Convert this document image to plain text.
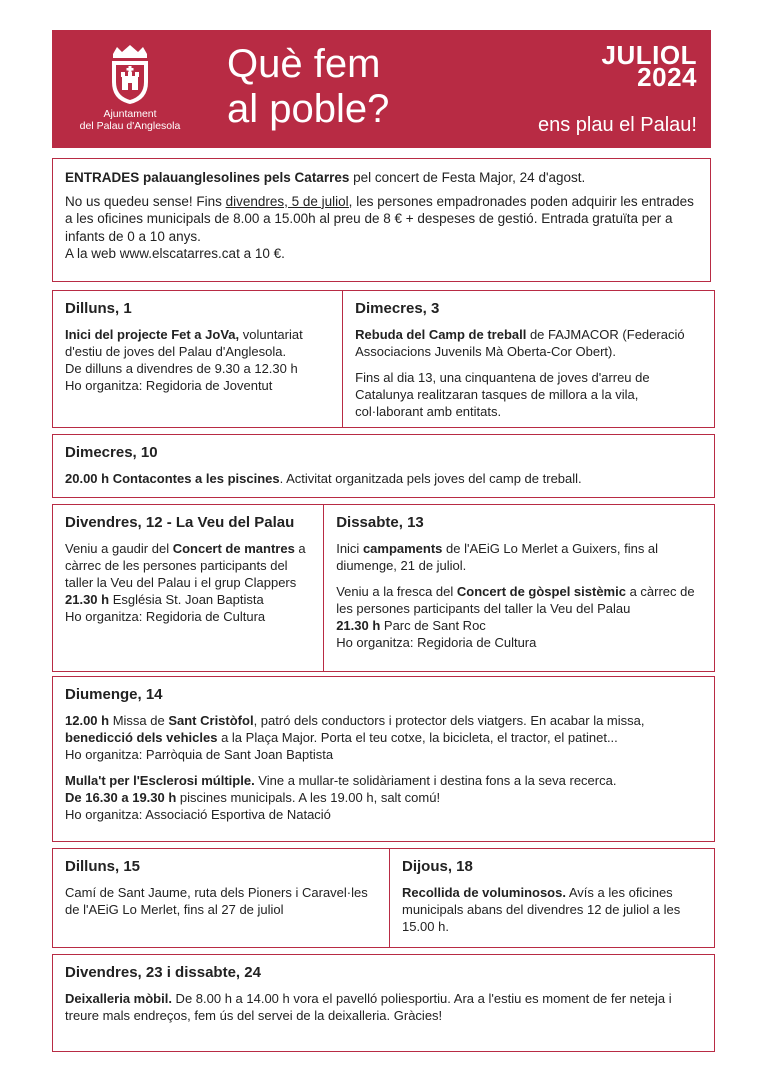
Ajuntament
del Palau d'Anglesola
Què fem
al poble?
JULIOL
2024
ens plau el Palau!

ENTRADES palauanglesolines pels Catarres pel concert de Festa Major, 24 d'agost.

No us quedeu sense! Fins divendres, 5 de juliol, les persones empadronades poden adquirir les entrades a les oficines municipals de 8.00 a 15.00h al preu de 8 € + despeses de gestió. Entrada gratuïta per a infants de 0 a 10 anys.

A la web www.elscatarres.cat a 10 €.

Dilluns, 1

Inici del projecte Fet a JoVa, voluntariat d'estiu de joves del Palau d'Anglesola.

De dilluns a divendres de 9.30 a 12.30 h

Ho organitza: Regidoria de Joventut

Dimecres, 3

Rebuda del Camp de treball de FAJMACOR (Federació Associacions Juvenils Mà Oberta-Cor Obert).

Fins al dia 13, una cinquantena de joves d'arreu de Catalunya realitzaran tasques de millora a la vila, col·laborant amb entitats.

Dimecres, 10

20.00 h Contacontes a les piscines. Activitat organitzada pels joves del camp de treball.

Divendres, 12 - La Veu del Palau

Veniu a gaudir del Concert de mantres a càrrec de les persones participants del taller la Veu del Palau i el grup Clappers

21.30 h Església St. Joan Baptista

Ho organitza: Regidoria de Cultura

Dissabte, 13

Inici campaments de l'AEiG Lo Merlet a Guixers, fins al diumenge, 21 de juliol.

Veniu a la fresca del Concert de gòspel sistèmic a càrrec de les persones participants del taller la Veu del Palau

21.30 h Parc de Sant Roc

Ho organitza: Regidoria de Cultura

Diumenge, 14

12.00 h Missa de Sant Cristòfol, patró dels conductors i protector dels viatgers. En acabar la missa, benedicció dels vehicles a la Plaça Major. Porta el teu cotxe, la bicicleta, el tractor, el patinet...

Ho organitza: Parròquia de Sant Joan Baptista

Mulla't per l'Esclerosi múltiple. Vine a mullar-te solidàriament i destina fons a la seva recerca.

De 16.30 a 19.30 h piscines municipals. A les 19.00 h, salt comú!

Ho organitza: Associació Esportiva de Natació

Dilluns, 15

Camí de Sant Jaume, ruta dels Pioners i Caravel·les de l'AEiG Lo Merlet, fins al 27 de juliol

Dijous, 18

Recollida de voluminosos. Avís a les oficines municipals abans del divendres 12 de juliol a les 15.00 h.

Divendres, 23 i dissabte, 24

Deixalleria mòbil. De 8.00 h a 14.00 h vora el pavelló poliesportiu. Ara a l'estiu es moment de fer neteja i treure mals endreços, fem ús del servei de la deixalleria. Gràcies!
